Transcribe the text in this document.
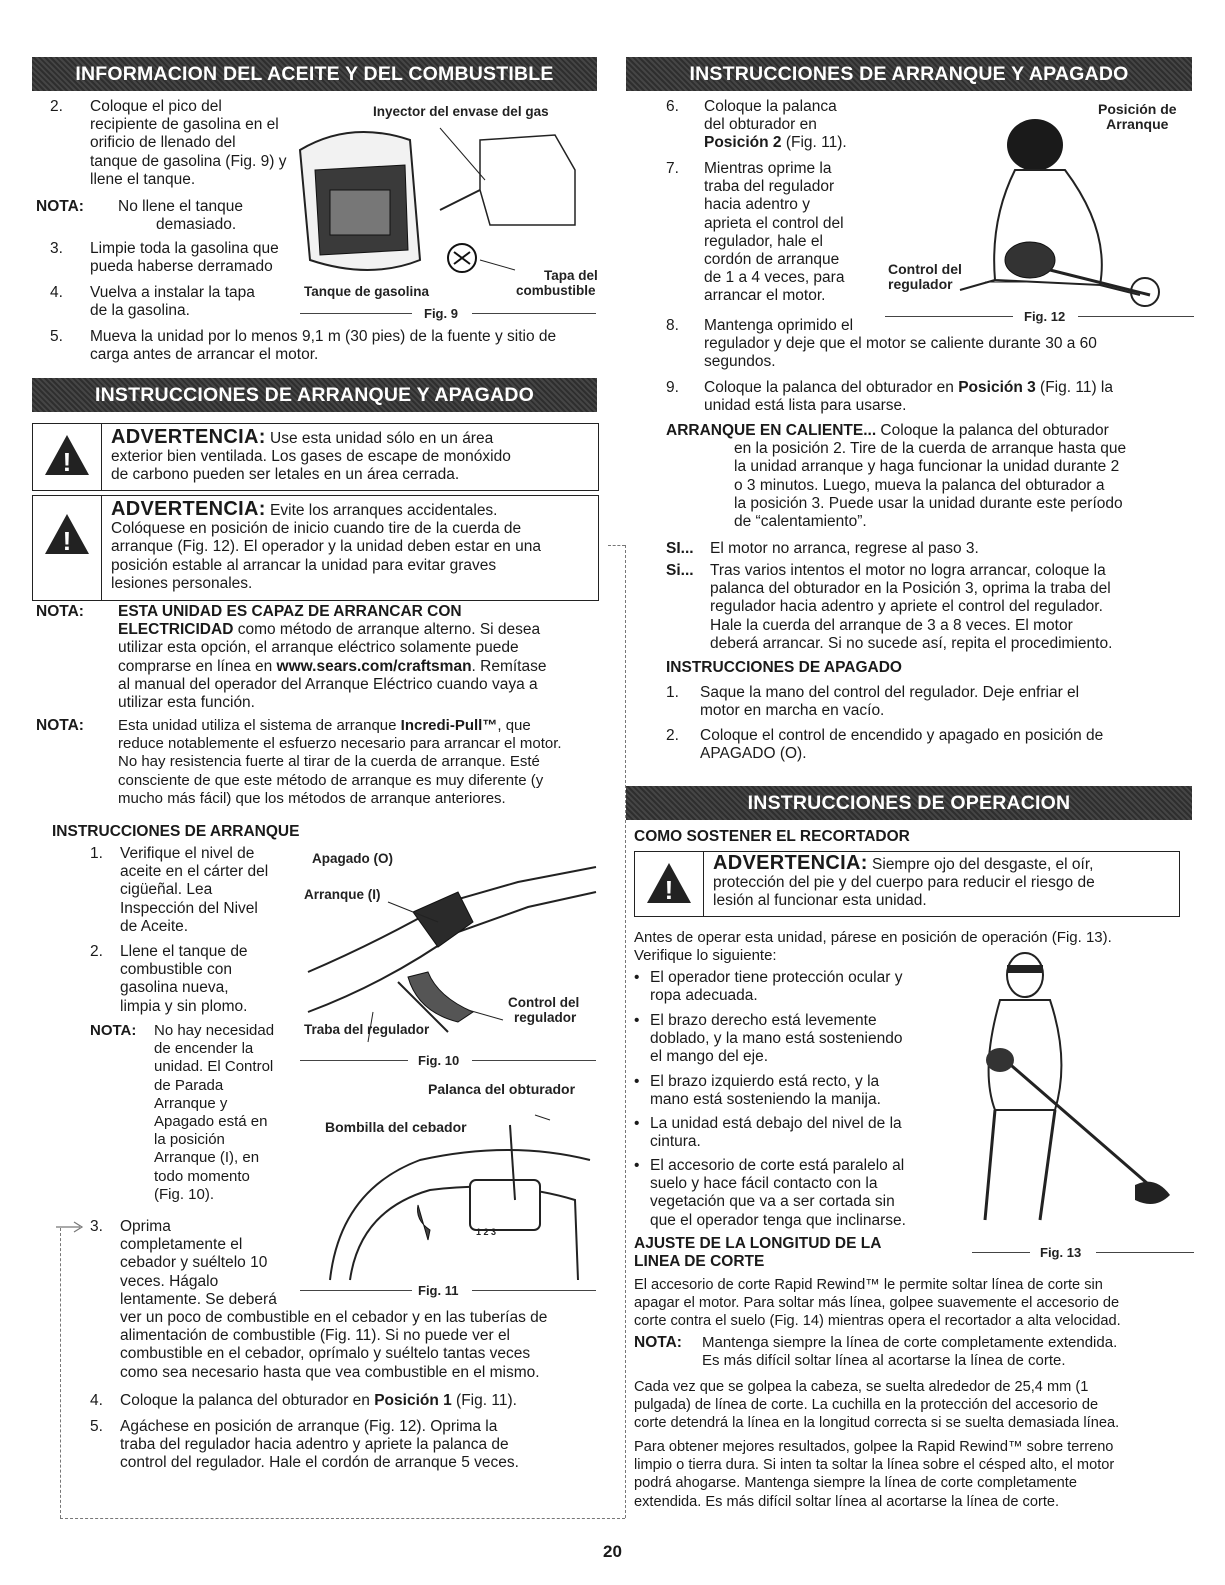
INFORMACION DEL ACEITE Y DEL COMBUSTIBLE
2. Coloque el pico del
recipiente de gasolina en el
orificio de llenado del
tanque de gasolina (Fig. 9) y
llene el tanque.
NOTA: No llene el tanque
demasiado.
3. Limpie toda la gasolina que
pueda haberse derramado
4. Vuelva a instalar la tapa
de la gasolina.
5. Mueva la unidad por lo menos 9,1 m (30 pies) de la fuente y sitio de
carga antes de arrancar el motor.
Inyector del envase del gas
Tanque de gasolina
Tapa del
combustible
Fig. 9
INSTRUCCIONES DE ARRANQUE Y APAGADO
!
ADVERTENCIA: Use esta unidad sólo en un área
exterior bien ventilada. Los gases de escape de monóxido
de carbono pueden ser letales en un área cerrada.
!
ADVERTENCIA: Evite los arranques accidentales.
Colóquese en posición de inicio cuando tire de la cuerda de
arranque (Fig. 12). El operador y la unidad deben estar en una
posición estable al arrancar la unidad para evitar graves
lesiones personales.
NOTA: ESTA UNIDAD ES CAPAZ DE ARRANCAR CON
ELECTRICIDAD como método de arranque alterno. Si desea
utilizar esta opción, el arranque eléctrico solamente puede
comprarse en línea en www.sears.com/craftsman. Remítase
al manual del operador del Arranque Eléctrico cuando vaya a
utilizar esta función.
NOTA: Esta unidad utiliza el sistema de arranque Incredi-Pull™, que
reduce notablemente el esfuerzo necesario para arrancar el motor.
No hay resistencia fuerte al tirar de la cuerda de arranque. Esté
consciente de que este método de arranque es muy diferente (y
mucho más fácil) que los métodos de arranque anteriores.
INSTRUCCIONES DE ARRANQUE
1. Verifique el nivel de
aceite en el cárter del
cigüeñal. Lea
Inspección del Nivel
de Aceite.
2. Llene el tanque de
combustible con
gasolina nueva,
limpia y sin plomo.
NOTA: No hay necesidad
de encender la
unidad. El Control
de Parada
Arranque y
Apagado está en
la posición
Arranque (I), en
todo momento
(Fig. 10).
3. Oprima
completamente el
cebador y suéltelo 10
veces. Hágalo
lentamente. Se deberá
ver un poco de combustible en el cebador y en las tuberías de
alimentación de combustible (Fig. 11). Si no puede ver el
combustible en el cebador, oprímalo y suéltelo tantas veces
como sea necesario hasta que vea combustible en el mismo.
4. Coloque la palanca del obturador en Posición 1 (Fig. 11).
5. Agáchese en posición de arranque (Fig. 12). Oprima la
traba del regulador hacia adentro y apriete la palanca de
control del regulador. Hale el cordón de arranque 5 veces.
Apagado (O)
Arranque (I)
Control del
regulador
Traba del regulador
Fig. 10
Palanca del obturador
Bombilla del cebador
1 2 3
Fig. 11
INSTRUCCIONES DE ARRANQUE Y APAGADO
6. Coloque la palanca
del obturador en
Posición 2 (Fig. 11).
7. Mientras oprime la
traba del regulador
hacia adentro y
aprieta el control del
regulador, hale el
cordón de arranque
de 1 a 4 veces, para
arrancar el motor.
8. Mantenga oprimido el
regulador y deje que el motor se caliente durante 30 a 60
segundos.
9. Coloque la palanca del obturador en Posición 3 (Fig. 11) la
unidad está lista para usarse.
Posición de
Arranque
Control del
regulador
Fig. 12
ARRANQUE EN CALIENTE... Coloque la palanca del obturador
en la posición 2. Tire de la cuerda de arranque hasta que
la unidad arranque y haga funcionar la unidad durante 2
o 3 minutos. Luego, mueva la palanca del obturador a
la posición 3. Puede usar la unidad durante este período
de “calentamiento”.
SI... El motor no arranca, regrese al paso 3.
Si... Tras varios intentos el motor no logra arrancar, coloque la
palanca del obturador en la Posición 3, oprima la traba del
regulador hacia adentro y apriete el control del regulador.
Hale la cuerda del arranque de 3 a 8 veces. El motor
deberá arrancar. Si no sucede así, repita el procedimiento.
INSTRUCCIONES DE APAGADO
1. Saque la mano del control del regulador. Deje enfriar el
motor en marcha en vacío.
2. Coloque el control de encendido y apagado en posición de
APAGADO (O).
INSTRUCCIONES DE OPERACION
COMO SOSTENER EL RECORTADOR
!
ADVERTENCIA: Siempre ojo del desgaste, el oír,
protección del pie y del cuerpo para reducir el riesgo de
lesión al funcionar esta unidad.
Antes de operar esta unidad, párese en posición de operación (Fig. 13).
Verifique lo siguiente:
• El operador tiene protección ocular y
ropa adecuada.
• El brazo derecho está levemente
doblado, y la mano está sosteniendo
el mango del eje.
• El brazo izquierdo está recto, y la
mano está sosteniendo la manija.
• La unidad está debajo del nivel de la
cintura.
• El accesorio de corte está paralelo al
suelo y hace fácil contacto con la
vegetación que va a ser cortada sin
que el operador tenga que inclinarse.
Fig. 13
AJUSTE DE LA LONGITUD DE LA
LINEA DE CORTE
El accesorio de corte Rapid Rewind™ le permite soltar línea de corte sin
apagar el motor. Para soltar más línea, golpee suavemente el accesorio de
corte contra el suelo (Fig. 14) mientras opera el recortador a alta velocidad.
NOTA: Mantenga siempre la línea de corte completamente extendida.
Es más difícil soltar línea al acortarse la línea de corte.
Cada vez que se golpea la cabeza, se suelta alrededor de 25,4 mm (1
pulgada) de línea de corte. La cuchilla en la protección del accesorio de
corte detendrá la línea en la longitud correcta si se suelta demasiada línea.
Para obtener mejores resultados, golpee la Rapid Rewind™ sobre terreno
limpio o tierra dura. Si inten ta soltar la línea sobre el césped alto, el motor
podrá ahogarse. Mantenga siempre la línea de corte completamente
extendida. Es más difícil soltar línea al acortarse la línea de corte.
20
